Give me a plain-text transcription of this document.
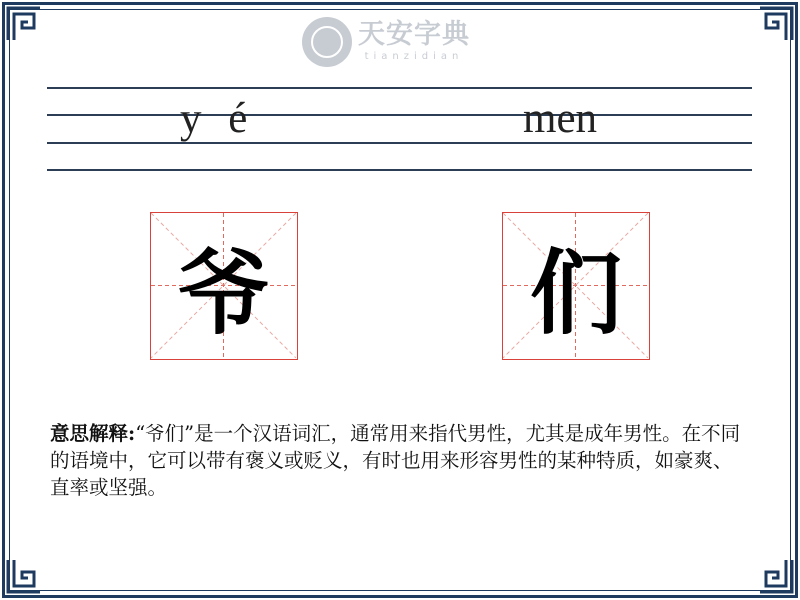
天安字典
tianzidian
y é	men
爷	们
意思解释:“爷们”是一个汉语词汇，通常用来指代男性，尤其是成年男性。在不同的语境中，它可以带有褒义或贬义，有时也用来形容男性的某种特质，如豪爽、直率或坚强。
